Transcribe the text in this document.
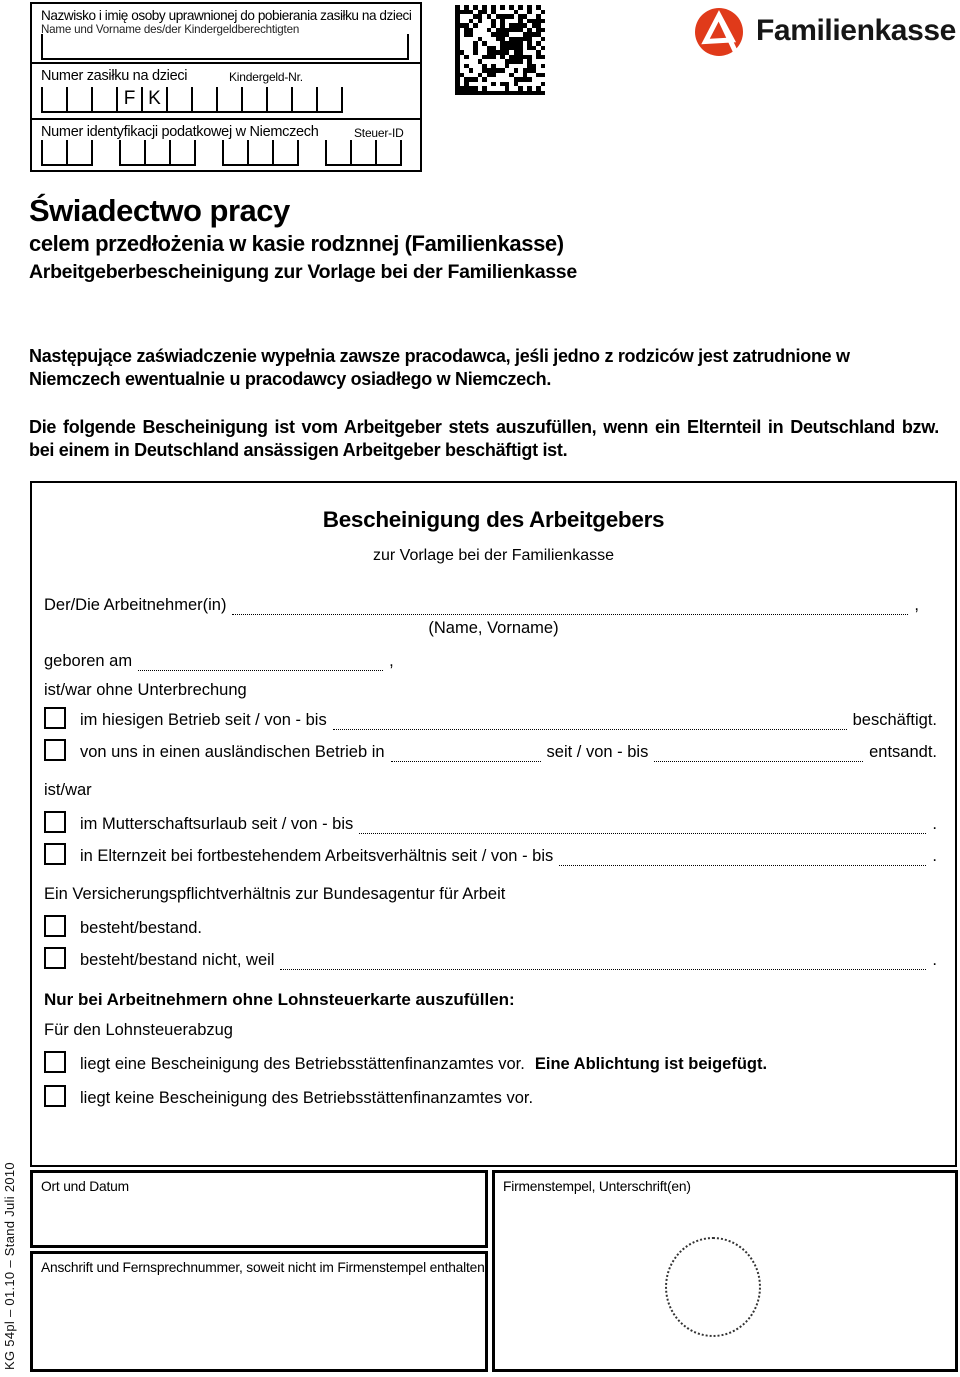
KG 54pl – 01.10 – Stand Juli 2010
Nazwisko i imię osoby uprawnionej do pobierania zasiłku na dzieci
Name und Vorname des/der Kindergeldberechtigten
Numer zasiłku na dzieci	Kindergeld-Nr.
F K
Numer identyfikacji podatkowej w Niemczech	Steuer-ID
Familienkasse
Świadectwo pracy
celem przedłożenia w kasie rodznnej (Familienkasse)
Arbeitgeberbescheinigung zur Vorlage bei der Familienkasse
Następujące zaświadczenie wypełnia zawsze pracodawca, jeśli jedno z rodziców jest zatrudnione w Niemczech ewentualnie u pracodawcy osiadłego w Niemczech.
Die folgende Bescheinigung ist vom Arbeitgeber stets auszufüllen, wenn ein Elternteil in Deutschland bzw. bei einem in Deutschland ansässigen Arbeitgeber beschäftigt ist.
Bescheinigung des Arbeitgebers
zur Vorlage bei der Familienkasse
Der/Die Arbeitnehmer(in)	,
(Name, Vorname)
geboren am	,
ist/war ohne Unterbrechung
im hiesigen Betrieb seit / von - bis	beschäftigt.
von uns in einen ausländischen Betrieb in	seit / von - bis	entsandt.
ist/war
im Mutterschaftsurlaub seit / von - bis	.
in Elternzeit bei fortbestehendem Arbeitsverhältnis seit / von - bis	.
Ein Versicherungspflichtverhältnis zur Bundesagentur für Arbeit
besteht/bestand.
besteht/bestand nicht, weil	.
Nur bei Arbeitnehmern ohne Lohnsteuerkarte auszufüllen:
Für den Lohnsteuerabzug
liegt eine Bescheinigung des Betriebsstättenfinanzamtes vor. Eine Ablichtung ist beigefügt.
liegt keine Bescheinigung des Betriebsstättenfinanzamtes vor.
Ort und Datum
Anschrift und Fernsprechnummer, soweit nicht im Firmenstempel enthalten
Firmenstempel, Unterschrift(en)
